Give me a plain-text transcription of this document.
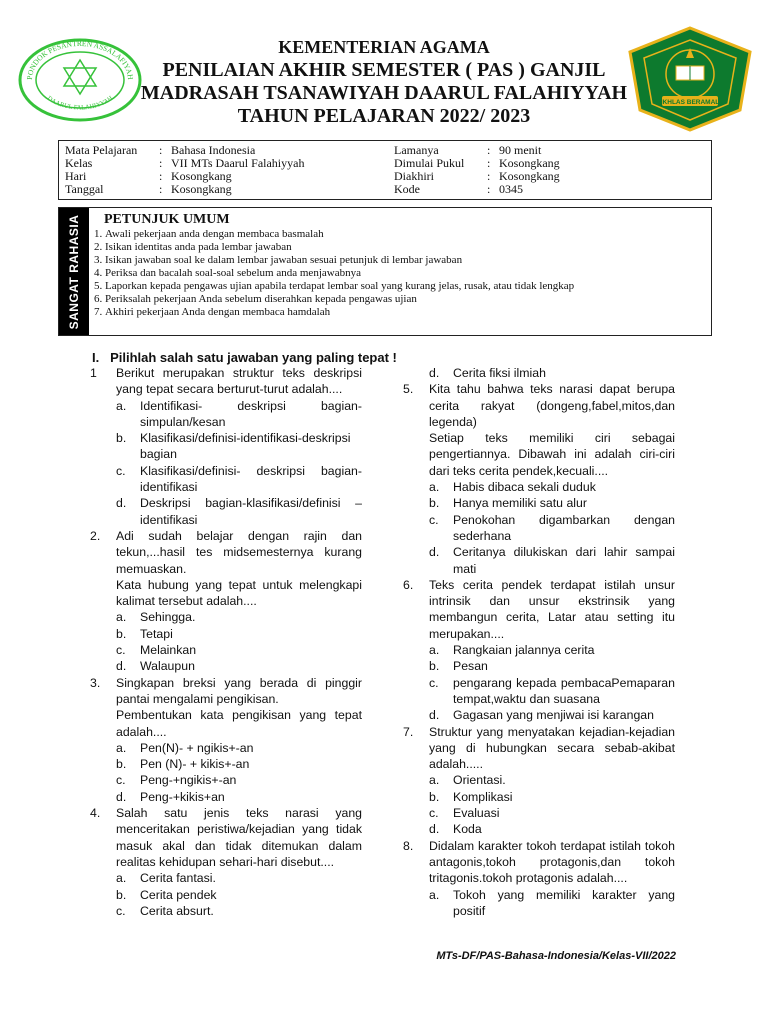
PONDOK PESANTREN ASSALAFIYAH
DAARUL FALAHIYYAH
KEMENTERIAN AGAMA
PENILAIAN AKHIR SEMESTER ( PAS ) GANJIL
MADRASAH TSANAWIYAH DAARUL FALAHIYYAH
TAHUN PELAJARAN 2022/ 2023
IKHLAS BERAMAL
Mata Pelajaran
Kelas
Hari
Tanggal
:
:
:
:
Bahasa Indonesia
VII MTs Daarul Falahiyyah
Kosongkang
Kosongkang
Lamanya
Dimulai Pukul
Diakhiri
Kode
:
:
:
:
90 menit
Kosongkang
Kosongkang
0345
SANGAT RAHASIA PETUNJUK UMUM
1. Awali pekerjaan anda dengan membaca basmalah
2. Isikan identitas anda pada lembar jawaban
3. Isikan jawaban soal ke dalam lembar jawaban sesuai petunjuk di lembar jawaban
4. Periksa dan bacalah soal-soal sebelum anda menjawabnya
5. Laporkan kepada pengawas ujian apabila terdapat lembar soal yang kurang jelas, rusak, atau tidak lengkap
6. Periksalah pekerjaan Anda sebelum diserahkan kepada pengawas ujian
7. Akhiri pekerjaan Anda dengan membaca hamdalah
I. Pilihlah salah satu jawaban yang paling tepat !
1 Berikut merupakan struktur teks deskripsi yang tepat secara berturut-turut adalah....

a. Identifikasi- deskripsi bagian-simpulan/kesan
b. Klasifikasi/definisi-identifikasi-deskripsi bagian
c. Klasifikasi/definisi- deskripsi bagian-identifikasi
d. Deskripsi bagian-klasifikasi/definisi – identifikasi
2. Adi sudah belajar dengan rajin dan tekun,...hasil tes midsemesternya kurang memuaskan.

Kata hubung yang tepat untuk melengkapi kalimat tersebut adalah....

a. Sehingga.
b. Tetapi
c. Melainkan
d. Walaupun
3. Singkapan breksi yang berada di pinggir pantai mengalami pengikisan.

Pembentukan kata pengikisan yang tepat adalah....

a. Pen(N)- + ngikis+-an
b. Pen (N)- + kikis+-an
c. Peng-+ngikis+-an
d. Peng-+kikis+an
4. Salah satu jenis teks narasi yang menceritakan peristiwa/kejadian yang tidak masuk akal dan tidak ditemukan dalam realitas kehidupan sehari-hari disebut....

a. Cerita fantasi.
b. Cerita pendek
c. Cerita absurt.
d. Cerita fiksi ilmiah
5. Kita tahu bahwa teks narasi dapat berupa cerita rakyat (dongeng,fabel,mitos,dan legenda)

Setiap teks memiliki ciri sebagai pengertiannya. Dibawah ini adalah ciri-ciri dari teks cerita pendek,kecuali....

a. Habis dibaca sekali duduk
b. Hanya memiliki satu alur
c. Penokohan digambarkan dengan sederhana
d. Ceritanya dilukiskan dari lahir sampai mati
6. Teks cerita pendek terdapat istilah unsur intrinsik dan unsur ekstrinsik yang membangun cerita, Latar atau setting itu merupakan....

a. Rangkaian jalannya cerita
b. Pesan
c. pengarang kepada pembacaPemaparan tempat,waktu dan suasana
d. Gagasan yang menjiwai isi karangan
7. Struktur yang menyatakan kejadian-kejadian yang di hubungkan secara sebab-akibat adalah.....

a. Orientasi.
b. Komplikasi
c. Evaluasi
d. Koda
8. Didalam karakter tokoh terdapat istilah tokoh antagonis,tokoh protagonis,dan tokoh tritagonis.tokoh protagonis adalah....

a. Tokoh yang memiliki karakter yang positif
MTs-DF/PAS-Bahasa-Indonesia/Kelas-VII/2022
